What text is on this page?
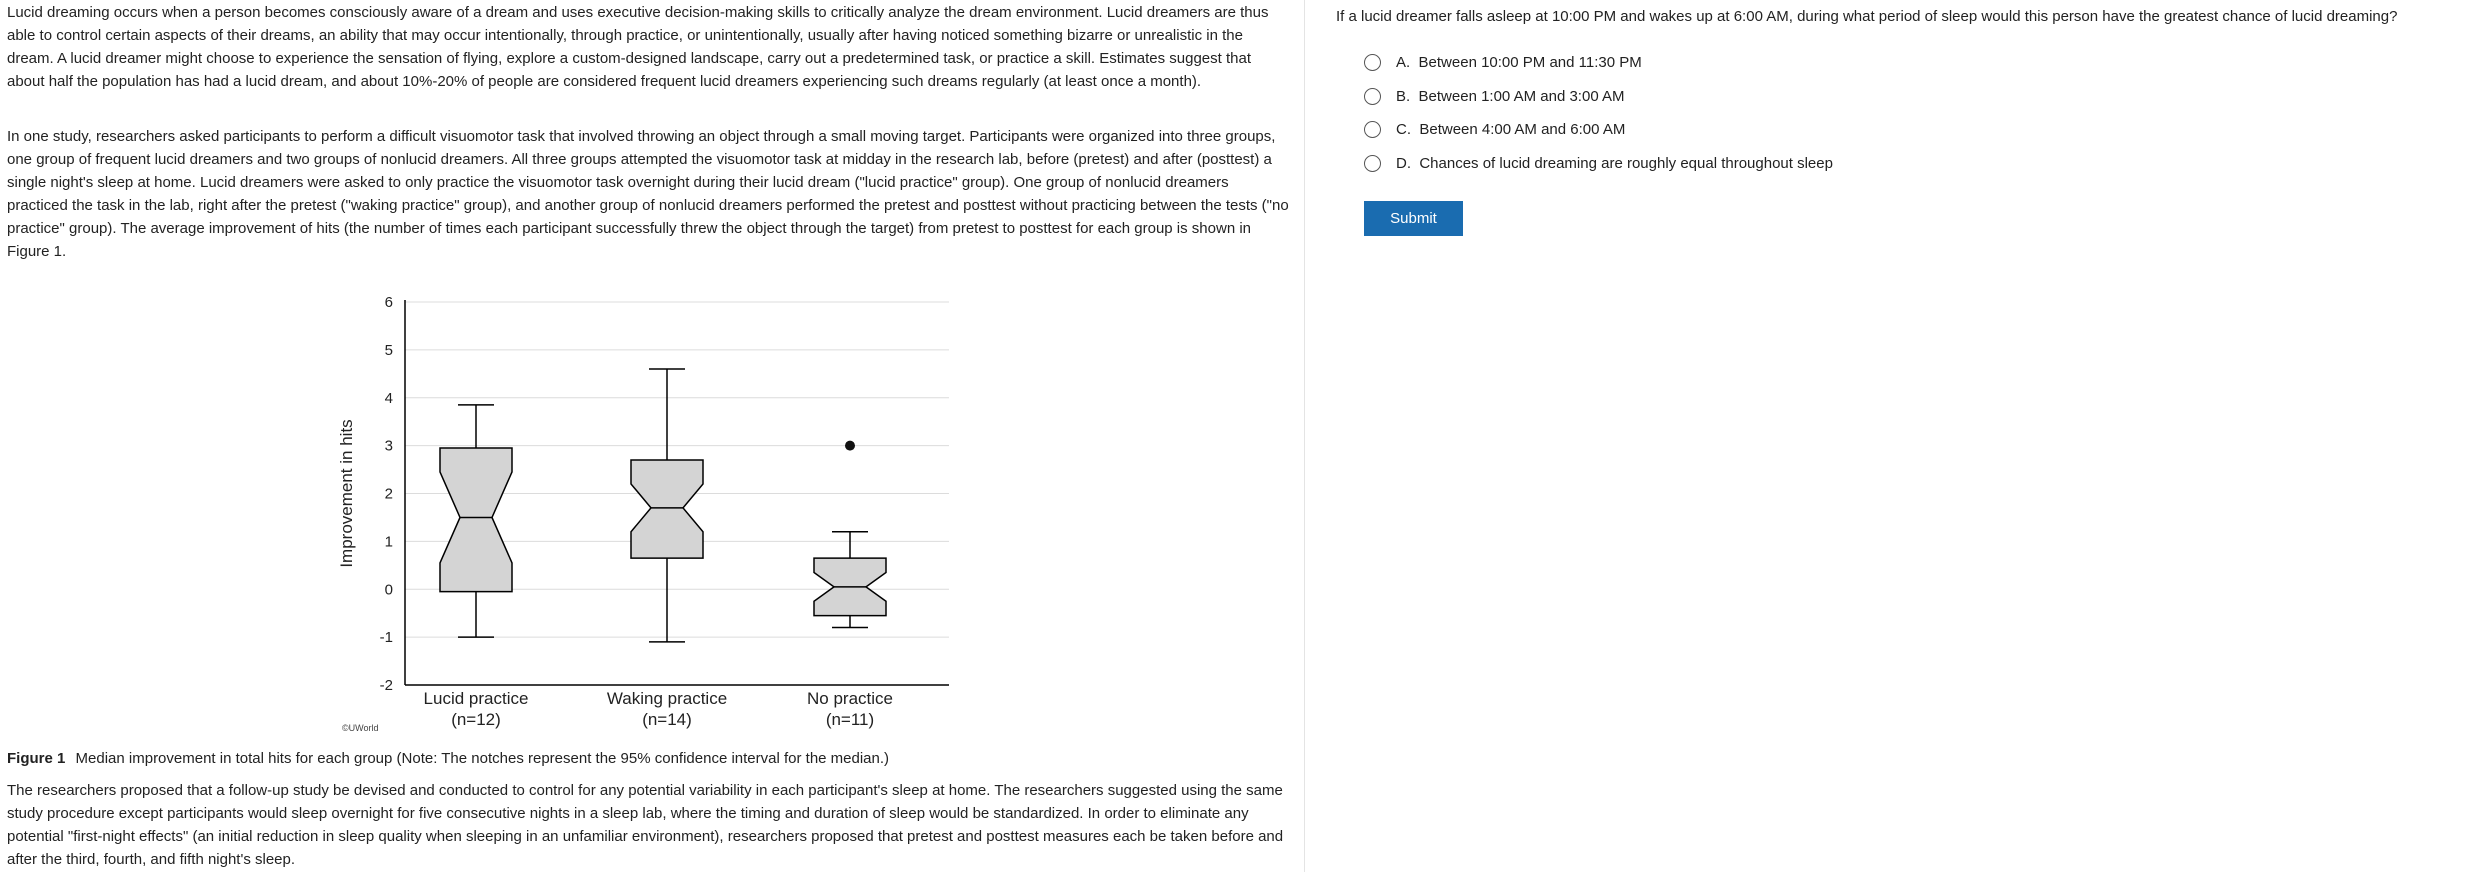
Lucid dreaming occurs when a person becomes consciously aware of a dream and uses executive decision-making skills to critically analyze the dream environment. Lucid dreamers are thus able to control certain aspects of their dreams, an ability that may occur intentionally, through practice, or unintentionally, usually after having noticed something bizarre or unrealistic in the dream. A lucid dreamer might choose to experience the sensation of flying, explore a custom-designed landscape, carry out a predetermined task, or practice a skill. Estimates suggest that about half the population has had a lucid dream, and about 10%-20% of people are considered frequent lucid dreamers experiencing such dreams regularly (at least once a month).

In one study, researchers asked participants to perform a difficult visuomotor task that involved throwing an object through a small moving target. Participants were organized into three groups, one group of frequent lucid dreamers and two groups of nonlucid dreamers. All three groups attempted the visuomotor task at midday in the research lab, before (pretest) and after (posttest) a single night's sleep at home. Lucid dreamers were asked to only practice the visuomotor task overnight during their lucid dream ("lucid practice" group). One group of nonlucid dreamers practiced the task in the lab, right after the pretest ("waking practice" group), and another group of nonlucid dreamers performed the pretest and posttest without practicing between the tests ("no practice" group). The average improvement of hits (the number of times each participant successfully threw the object through the target) from pretest to posttest for each group is shown in Figure 1.

6
5
4
3
2
1
0
-1
-2
Improvement in hits
Lucid practice
(n=12)
Waking practice
(n=14)
No practice
(n=11)
©UWorld

Figure 1 Median improvement in total hits for each group (Note: The notches represent the 95% confidence interval for the median.)

The researchers proposed that a follow-up study be devised and conducted to control for any potential variability in each participant's sleep at home. The researchers suggested using the same study procedure except participants would sleep overnight for five consecutive nights in a sleep lab, where the timing and duration of sleep would be standardized. In order to eliminate any potential "first-night effects" (an initial reduction in sleep quality when sleeping in an unfamiliar environment), researchers proposed that pretest and posttest measures each be taken before and after the third, fourth, and fifth night's sleep.

If a lucid dreamer falls asleep at 10:00 PM and wakes up at 6:00 AM, during what period of sleep would this person have the greatest chance of lucid dreaming?

A. Between 10:00 PM and 11:30 PM
B. Between 1:00 AM and 3:00 AM
C. Between 4:00 AM and 6:00 AM
D. Chances of lucid dreaming are roughly equal throughout sleep
Submit
